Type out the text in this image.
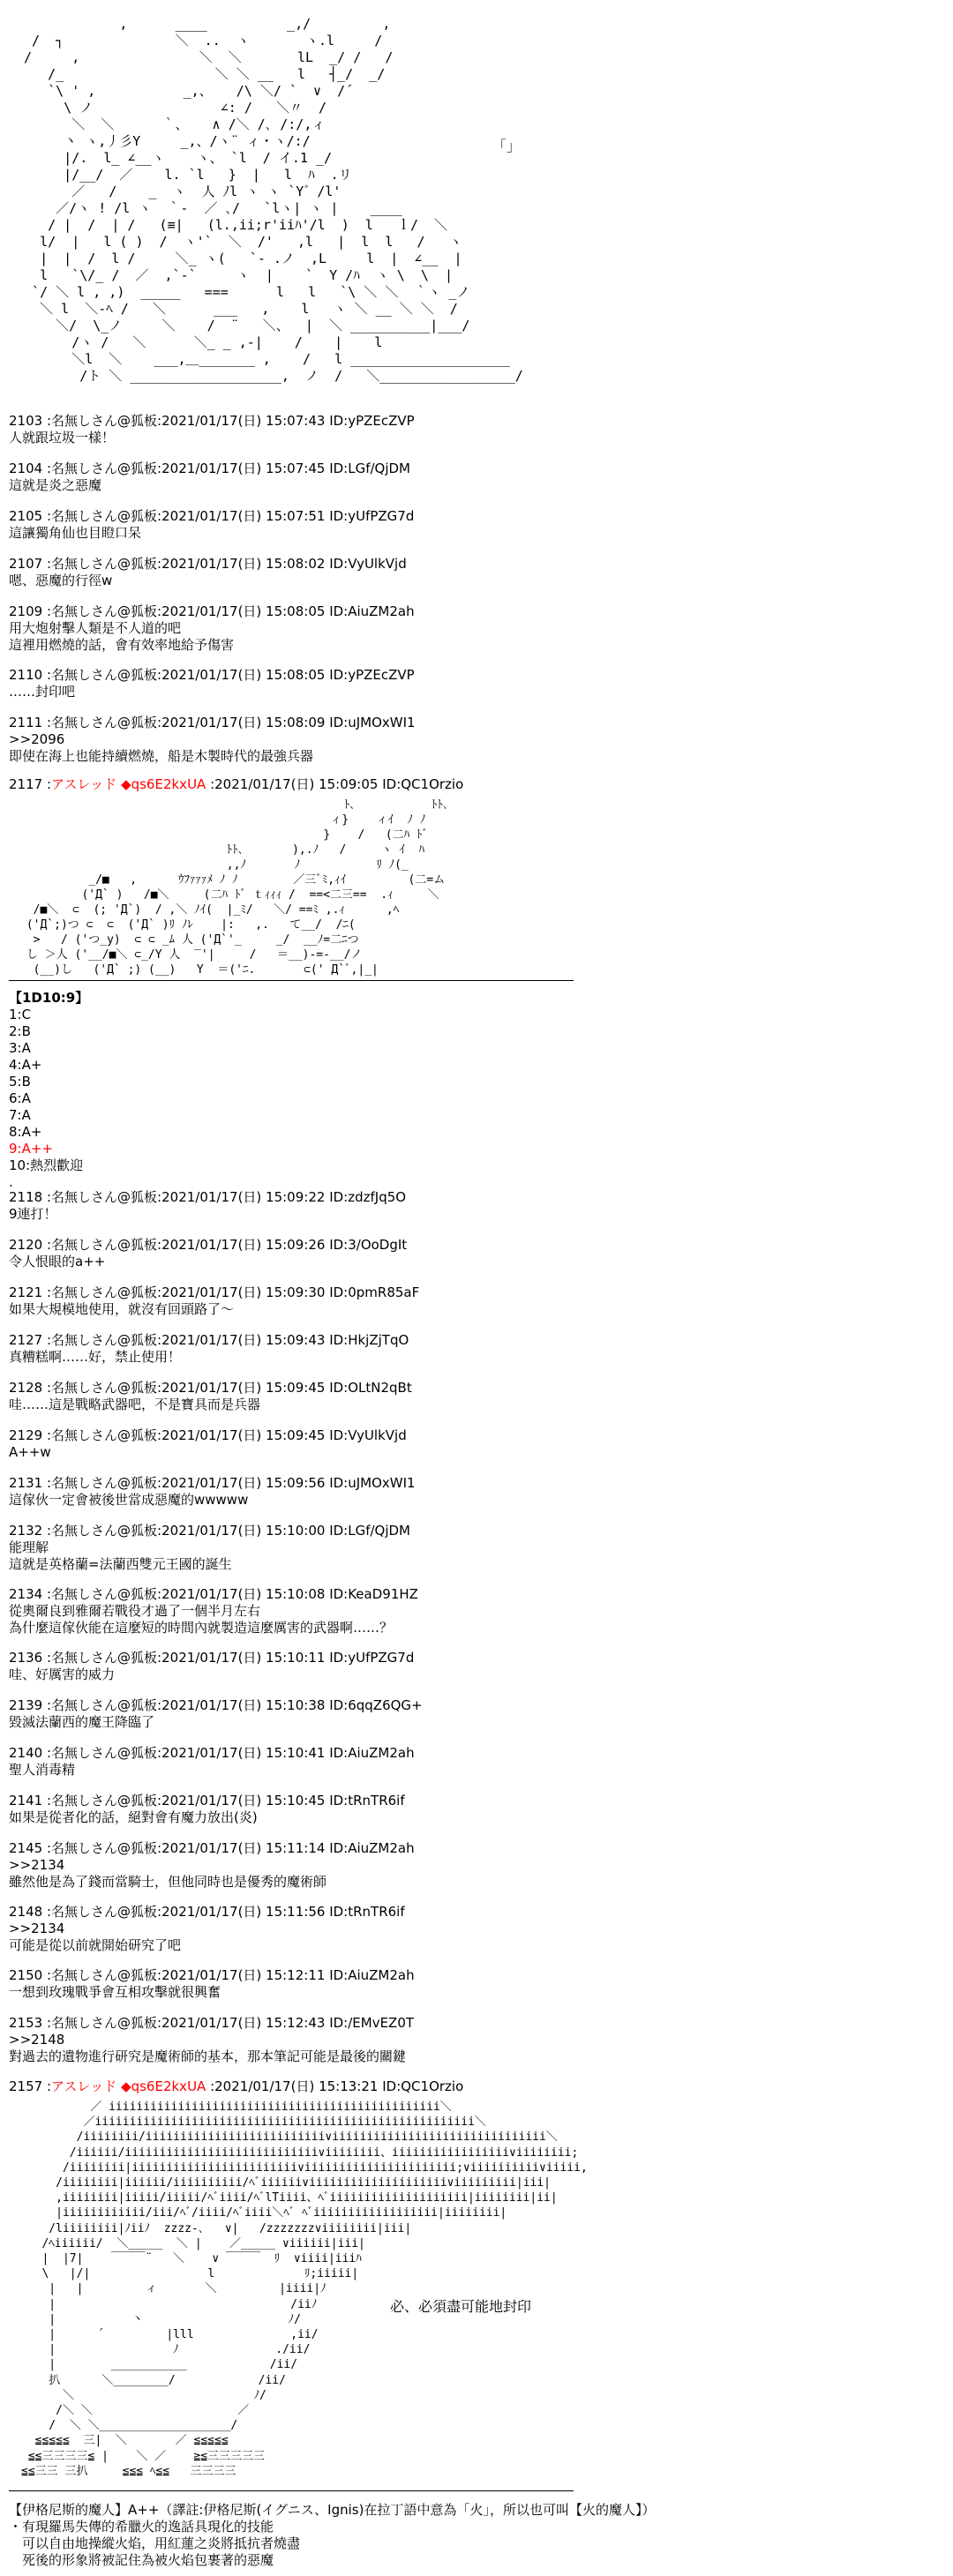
,      ____          _,/         ,
/  ┐              ＼  ..  ヽ       ヽ.l     /
/     ,               ＼  ＼       lL  _/ /   /
/_                   ＼ ＼ __   l   ┤_/  _/
`\ ' ,           _,、   /\ ＼/ `  ∨  /´
\ ノ                ∠: /   ＼〃  /
＼  ＼      ｀、   ∧ /＼ /､ /:/,ィ
丶 ヽ,丿彡Y     _,、/ヽ¨ ィ・ヽ/:/
|/.  l_ ∠__ヽ    ヽ、 `l  / イ.1 _/
|/__/  ／    l. `l   }  |   l  ﾊ  .リ
／   /    _  ヽ  人 ﾉl ヽ ヽ `Y゛/l'
／/ヽ ! /l ヽ  ｀-  ／ ､/   `lヽ| ヽ |    ____
/ |  /  | /   (≡|   (l.,ii;r'iiﾊ'/l  )  l   ｌ/  ＼
l/  |   l ( )  /  ヽ'`  ＼  /'   ,l   |  l  l   /   ヽ
|  |  /  l /     ＼_ ヽ(   `- .ノ  ,L     l  |  ∠__  |
l   `\/_ /  ／  ,`-`     ヽ  |    `  Y /ﾊ  ヽ \  \  |
`/ ＼ l , ,)  _____   ===      l   l   `\ ＼ ＼  ｀ヽ _ノ
＼ l  ＼-ﾍ /   ＼      ___   ,    l   ヽ ＼ __ ＼ ＼  /
＼/  \_ノ     ＼    /  ¨   ＼、  |  ＼ __________|___/
/ヽ /   ＼      ＼_ _ ,-|    /    |    l
＼l  ＼    ___,＿_______ ,    /   l ____________________
/ト ＼ ___________________,  ノ  /   ＼_________________/

「」
2103 :名無しさん@狐板:2021/01/17(日) 15:07:43 ID:yPZEcZVP
人就跟垃圾一樣！
2104 :名無しさん@狐板:2021/01/17(日) 15:07:45 ID:LGf/QjDM
這就是炎之惡魔
2105 :名無しさん@狐板:2021/01/17(日) 15:07:51 ID:yUfPZG7d
這讓獨角仙也目瞪口呆
2107 :名無しさん@狐板:2021/01/17(日) 15:08:02 ID:VyUlkVjd
嗯、惡魔的行徑w
2109 :名無しさん@狐板:2021/01/17(日) 15:08:05 ID:AiuZM2ah
用大炮射擊人類是不人道的吧
這裡用燃燒的話，會有效率地給予傷害
2110 :名無しさん@狐板:2021/01/17(日) 15:08:05 ID:yPZEcZVP
……封印吧
2111 :名無しさん@狐板:2021/01/17(日) 15:08:09 ID:uJMOxWI1
>>2096
即使在海上也能持續燃燒，船是木製時代的最強兵器
2117 :アスレッド ◆qs6E2kxUA :2021/01/17(日) 15:09:05 ID:QC1Orzio
ﾄ､           ﾄﾄ､
ィ}    ィｲ  ﾉ ﾉ
}    /   (二ﾊ ﾄﾞ
ﾄﾄ､       ),.ﾉ   /     ヽ ｲ  ﾊ
,,ﾉ       ﾉ           ﾘ ﾉ(_
_/■   ,      ｳﾌｧｧｧﾒ ﾉ ﾉ        ／三ﾞﾐ,ｨｲ         (二=ム
('Д` )   /■＼     (二ﾊ ﾄﾞ ｔｨｨｨ /  ==<二三==  .ｨ     ＼
/■＼  ⊂  (; 'Д`)  / ,＼ ﾉｲ(  |_ﾐ/   ＼/ ==ﾐ ,.ｨ      ,ﾍ
('Д`;)つ ⊂  ⊂  ('Д` )ﾘ ﾉﾚ    |:   ,.   て__/  /ﾆ(
>   / ('つ_y)  ⊂ ⊂ _ﾑ 人 ('Д`'_     _/  __ﾉ=二ﾆつ
し ＞人 ('__/■＼ ⊂_/Y 人  ‾'|     /   ＝__)-=-__/ノ
(__)し   ('Д` ;) (__)   Y  ＝('ﾆ.       ⊂(' Д`ﾞ,|_|

【1D10:9】
1:C
2:B
3:A
4:A+
5:B
6:A
7:A
8:A+
9:A++
10:熱烈歡迎
.
2118 :名無しさん@狐板:2021/01/17(日) 15:09:22 ID:zdzfJq5O
9連打！
2120 :名無しさん@狐板:2021/01/17(日) 15:09:26 ID:3/OoDgIt
令人恨眼的a++
2121 :名無しさん@狐板:2021/01/17(日) 15:09:30 ID:0pmR85aF
如果大規模地使用，就沒有回頭路了～
2127 :名無しさん@狐板:2021/01/17(日) 15:09:43 ID:HkjZjTqO
真糟糕啊……好，禁止使用！
2128 :名無しさん@狐板:2021/01/17(日) 15:09:45 ID:OLtN2qBt
哇……這是戰略武器吧，不是寶具而是兵器
2129 :名無しさん@狐板:2021/01/17(日) 15:09:45 ID:VyUlkVjd
A++w
2131 :名無しさん@狐板:2021/01/17(日) 15:09:56 ID:uJMOxWI1
這傢伙一定會被後世當成惡魔的wwwww
2132 :名無しさん@狐板:2021/01/17(日) 15:10:00 ID:LGf/QjDM
能理解
這就是英格蘭=法蘭西雙元王國的誕生
2134 :名無しさん@狐板:2021/01/17(日) 15:10:08 ID:KeaD91HZ
從奧爾良到雅爾若戰役才過了一個半月左右
為什麼這傢伙能在這麼短的時間內就製造這麼厲害的武器啊……？
2136 :名無しさん@狐板:2021/01/17(日) 15:10:11 ID:yUfPZG7d
哇、好厲害的威力
2139 :名無しさん@狐板:2021/01/17(日) 15:10:38 ID:6qqZ6QG+
毀滅法蘭西的魔王降臨了
2140 :名無しさん@狐板:2021/01/17(日) 15:10:41 ID:AiuZM2ah
聖人消毒精
2141 :名無しさん@狐板:2021/01/17(日) 15:10:45 ID:tRnTR6if
如果是從者化的話，絕對會有魔力放出(炎)
2145 :名無しさん@狐板:2021/01/17(日) 15:11:14 ID:AiuZM2ah
>>2134
雖然他是為了錢而當騎士，但他同時也是優秀的魔術師
2148 :名無しさん@狐板:2021/01/17(日) 15:11:56 ID:tRnTR6if
>>2134
可能是從以前就開始研究了吧
2150 :名無しさん@狐板:2021/01/17(日) 15:12:11 ID:AiuZM2ah
一想到玫瑰戰爭會互相攻擊就很興奮
2153 :名無しさん@狐板:2021/01/17(日) 15:12:43 ID:/EMvEZ0T
>>2148
對過去的遺物進行研究是魔術師的基本，那本筆記可能是最後的關鍵
2157 :アスレッド ◆qs6E2kxUA :2021/01/17(日) 15:13:21 ID:QC1Orzio
／ iiiiiiiiiiiiiiiiiiiiiiiiiiiiiiiiiiiiiiiiiiiiiiii＼
／iiiiiiiiiiiiiiiiiiiiiiiiiiiiiiiiiiiiiiiiiiiiiiiiiiiiiii＼
/iiiiiiii/iiiiiiiiiiiiiiiiiiiiiiiiii∨iiiiiiiiiiiiiiiiiiiiiiiiiiiiiii＼
/iiiiii/iiiiiiiiiiiiiiiiiiiiiiiiiiii∨iiiiiiii、iiiiiiiiiiiiiiiii∨iiiiiiii;
/iiiiiiii|iiiiiiiiiiiiiiiiiiiiiiii∨iiiiiiiiiiiiiiiiiiiiii;∨iiiiiiiiii∨iiiii,
/iiiiiiii|iiiiii/iiiiiiiiii/ﾍﾞiiiiii∨iiiiiiiiiiiiiiiiiiii∨iiiiiiiii|iii|
,iiiiiiii|iiiii/iiiii/ﾍﾞiiii/ﾍﾞlTiiii、ﾍﾞiiiiiiiiiiiiiiiiiiii|iiiiiiii|ii|
|iiiiiiiiiiii/iii/ﾍﾞ/iiii/ﾍﾞiiii＼ﾍﾞ ﾍﾞiiiiiiiiiiiiiiiiii|iiiiiiii|
/liiiiiiii|ﾉiiﾉ  zzzz-､   ∨|   /zzzzzzz∨iiiiiiii|iii|
/ﾍiiiiii/  ＼_____  ＼ |    ／_____ ∨iiiiii|iii|
|  |7|    ￣￣￣¨   ＼    ∨ ￣￣￣  ﾘ  ∨iiii|iiiﾊ
\   |/|                 l             ﾘ;iiiii|
|   |         ィ       ＼         |iiii|ﾉ
|                                  /iiﾉ
|           丶                     ﾉ/
|      ´         |lll              ,ii/
|                 ﾉ              ./ii/
|        ___________            /ii/
扒      ＼________/            /ii/
＼                          ﾉ/
/＼ ＼                     ／
/  ＼ ＼___________________/
≦≦≦≦≦  三|  ＼       ／ ≦≦≦≦≦
≦≦三三三三≦ |    ＼ ／    ≧≦三三三三三
≦≦三三 三扒     ≦≦≦ ﾍ≦≦   三三三三

必、必須盡可能地封印
【伊格尼斯的魔人】A++（譯註:伊格尼斯(イグニス、Ignis)在拉丁語中意為「火」，所以也可叫【火的魔人】）
・有現羅馬失傳的希臘火的逸話具現化的技能
　可以自由地操縱火焰，用紅蓮之炎將抵抗者燒盡
　死後的形象將被記住為被火焰包裹著的惡魔
